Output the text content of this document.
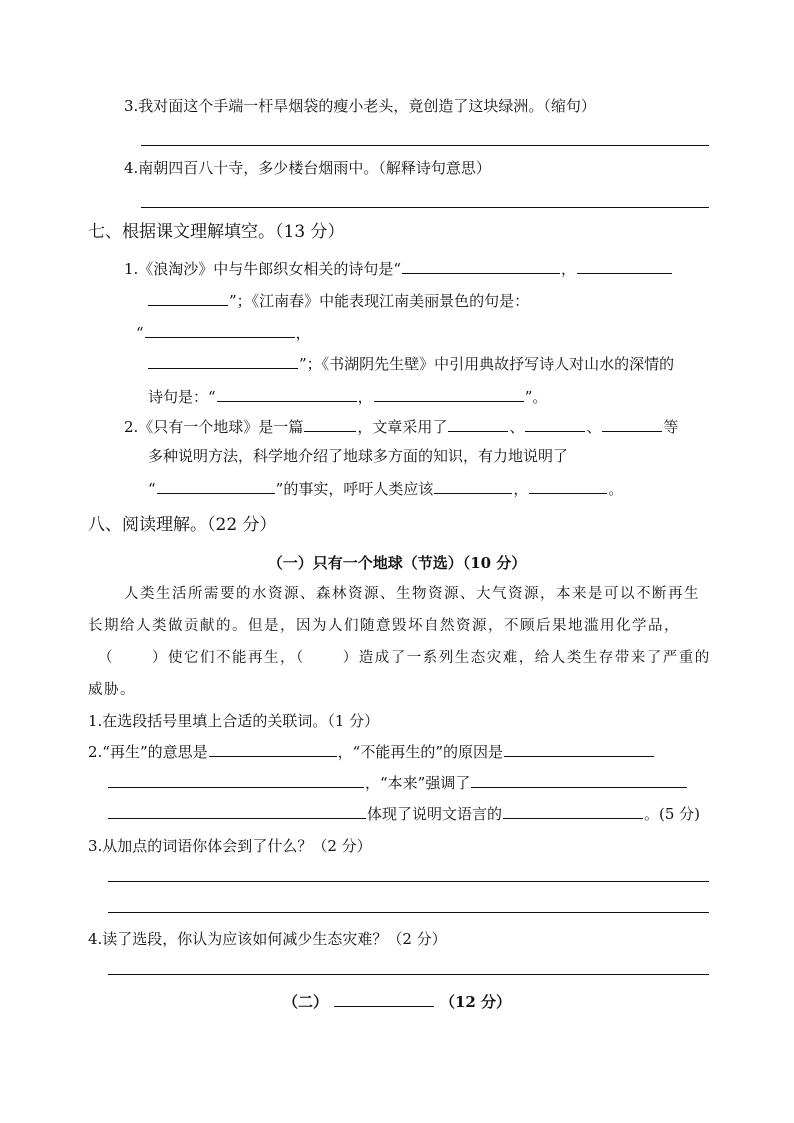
3.我对面这个手端一杆旱烟袋的瘦小老头，竟创造了这块绿洲。（缩句）
4.南朝四百八十寺，多少楼台烟雨中。（解释诗句意思）
七、根据课文理解填空。（13 分）
1.《浪淘沙》中与牛郎织女相关的诗句是“	，
”；《江南春》中能表现江南美丽景色的句是：
“	，
”；《书湖阴先生壁》中引用典故抒写诗人对山水的深情的
诗句是：“	，	”。
2.《只有一个地球》是一篇	，文章采用了	、	、	等
多种说明方法，科学地介绍了地球多方面的知识，有力地说明了
“	”的事实，呼吁人类应该	，	。
八、阅读理解。（22 分）
（一）只有一个地球（节选）（10 分）
人类生活所需要的水资源、森林资源、生物资源、大气资源，本来是可以不断再生
长期给人类做贡献的。但是，因为人们随意毁坏自然资源，不顾后果地滥用化学品，
（	）使它们不能再生，（	）造成了一系列生态灾难，给人类生存带来了严重的
威胁。
1.在选段括号里填上合适的关联词。（1 分）
2.“再生”的意思是	，“不能再生的”的原因是
，“本来”强调了
体现了说明文语言的	。(5 分)
3.从加点的词语你体会到了什么？（2 分）
4.读了选段，你认为应该如何减少生态灾难？（2 分）
（二）	（12 分）
